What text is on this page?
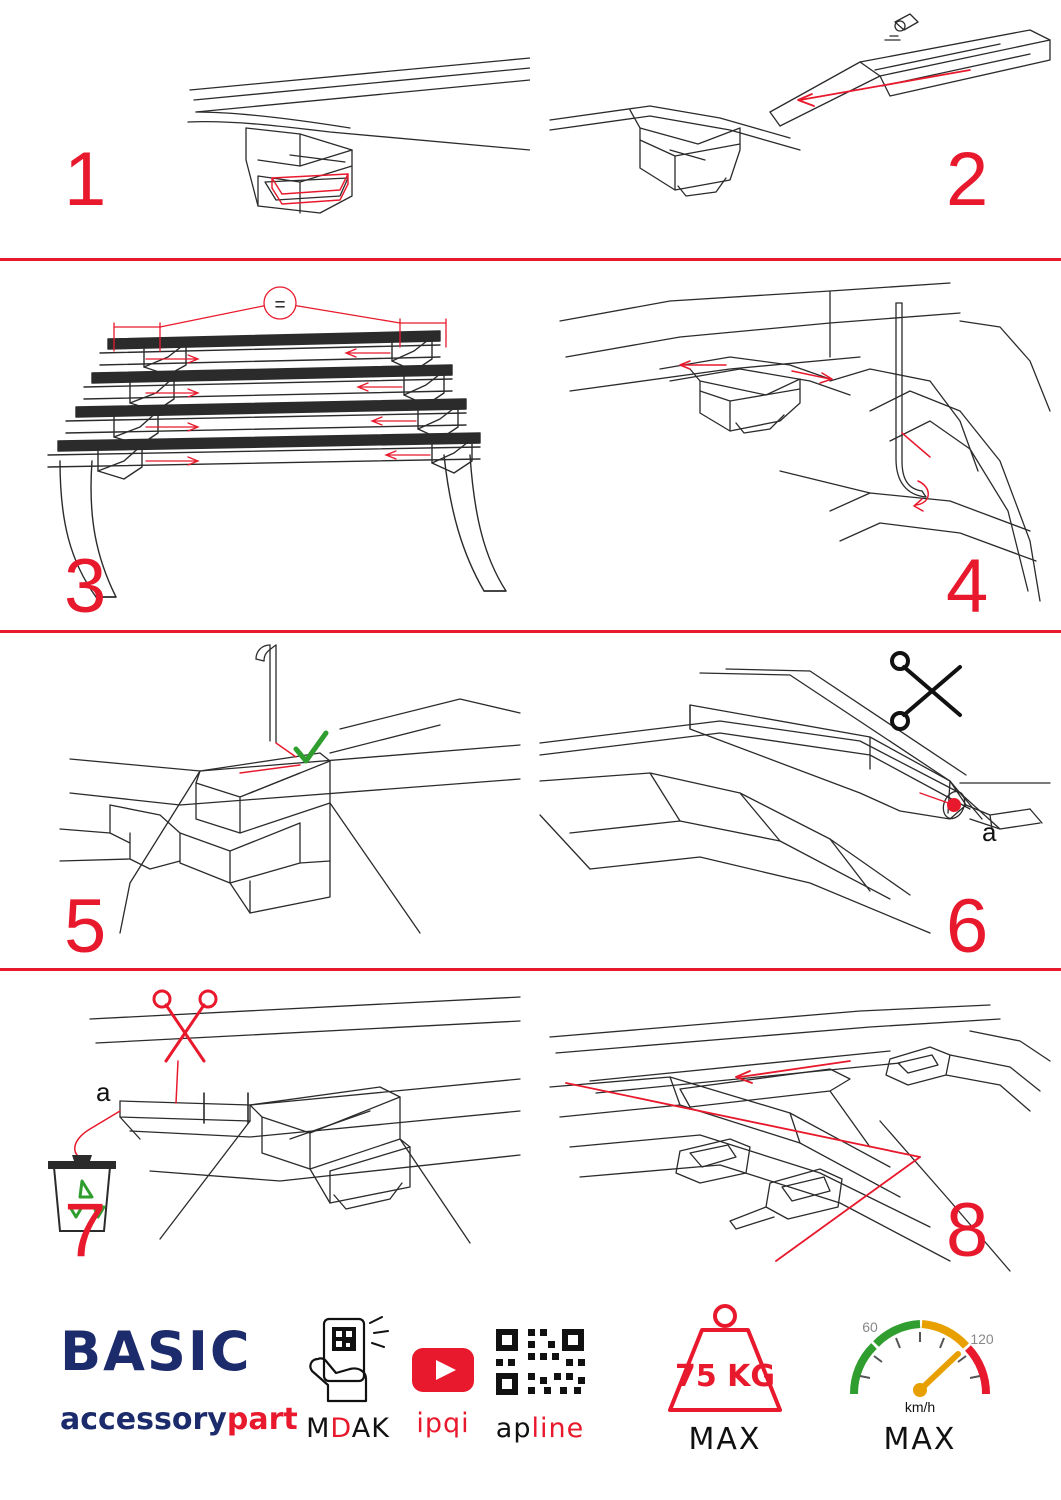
1	2
=
3	4
5
a
6
a
7	8
BASIC
accessorypart MDAK ipqi apline
75 KG
MAX
60
120
km/h
MAX
